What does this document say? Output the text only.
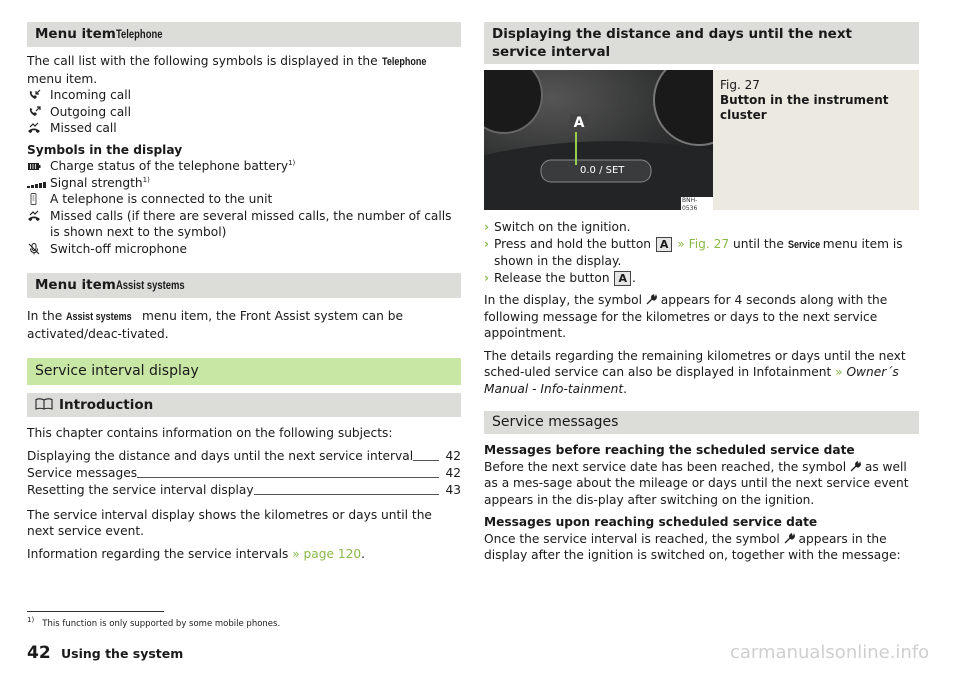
Menu itemTelephone
The call list with the following symbols is displayed in the Telephone menu item.
Incoming call
Outgoing call
Missed call
Symbols in the display
Charge status of the telephone battery$^{1)}$
Signal strength$^{1)}$
A telephone is connected to the unit
Missed calls (if there are several missed calls, the number of calls is shown next to the symbol)
Switch-off microphone
Menu itemAssist systems
In the Assist systems menu item, the Front Assist system can be activated/deac-tivated.
Service interval display
Introduction
This chapter contains information on the following subjects:
Displaying the distance and days until the next service interval	42
Service messages	42
Resetting the service interval display	43
The service interval display shows the kilometres or days until the next service event.
Information regarding the service intervals » page 120.
Displaying the distance and days until the next service interval
A
0.0 / SET
BNH-0536
Fig. 27
Button in the instrument cluster
› Switch on the ignition.
› Press and hold the button A » Fig. 27 until the Service menu item is shown in the display.
› Release the button A .
In the display, the symbol  appears for 4 seconds along with the following message for the kilometres or days to the next service appointment.
The details regarding the remaining kilometres or days until the next sched-uled service can also be displayed in Infotainment » Owner´s Manual - Info-tainment.
Service messages
Messages before reaching the scheduled service date
Before the next service date has been reached, the symbol  as well as a mes-sage about the mileage or days until the next service event appears in the dis-play after switching on the ignition.
Messages upon reaching scheduled service date
Once the service interval is reached, the symbol  appears in the display after the ignition is switched on, together with the message:
$^{1)}$ This function is only supported by some mobile phones.
42 Using the system	carmanualsonline.info
